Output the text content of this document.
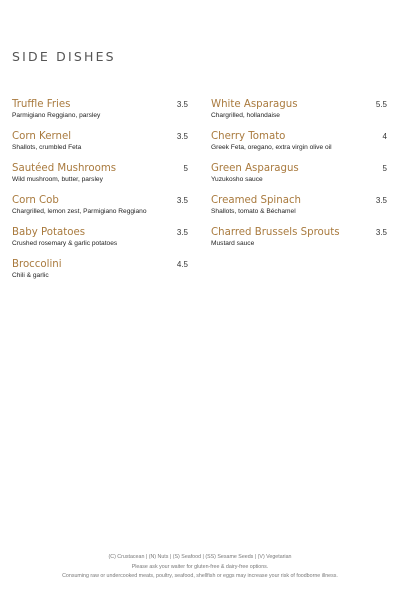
SIDE DISHES
Truffle Fries
Parmigiano Reggiano, parsley
3.5
Corn Kernel
Shallots, crumbled Feta
3.5
Sautéed Mushrooms
Wild mushroom, butter, parsley
5
Corn Cob
Chargrilled, lemon zest, Parmigiano Reggiano
3.5
Baby Potatoes
Crushed rosemary & garlic potatoes
3.5
Broccolini
Chili & garlic
4.5
White Asparagus
Chargrilled, hollandaise
5.5
Cherry Tomato
Greek Feta, oregano, extra virgin olive oil
4
Green Asparagus
Yuzukosho sauce
5
Creamed Spinach
Shallots, tomato & Béchamel
3.5
Charred Brussels Sprouts
Mustard sauce
3.5
(C) Crustacean | (N) Nuts | (S) Seafood | (SS) Sesame Seeds | (V) Vegetarian
Please ask your waiter for gluten-free & dairy-free options.
Consuming raw or undercooked meats, poultry, seafood, shellfish or eggs may increase your risk of foodborne illness.
